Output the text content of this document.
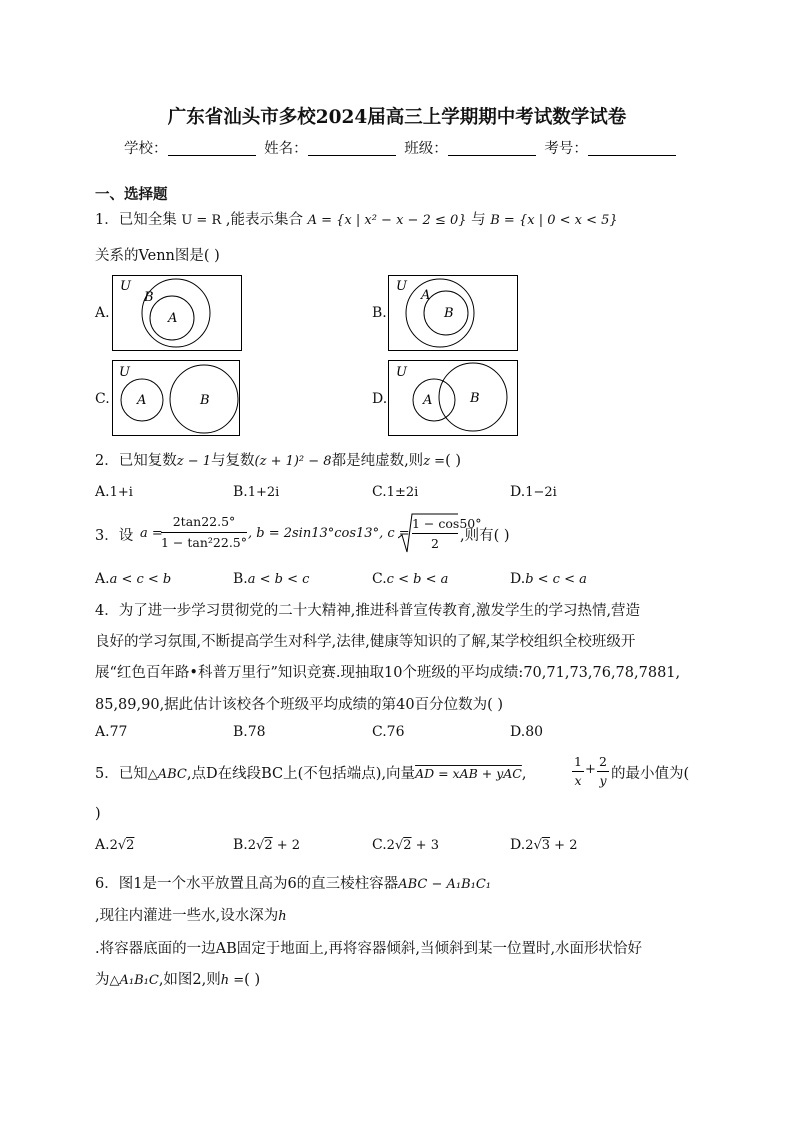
广东省汕头市多校2024届高三上学期期中考试数学试卷
学校：	姓名：	班级：	考号：
一、选择题
1．已知全集 U = R ,能表示集合 A = {x | x² − x − 2 ≤ 0} 与 B = {x | 0 < x < 5}
关系的Venn图是( )
A.
U
B
A	B.
U
A
B
C.
U
A	B	D.
U
A	B
2．已知复数z − 1与复数(z + 1)² − 8都是纯虚数,则z =( )
A.1+i	B.1+2i	C.1±2i	D.1−2i
3．设 a =
2tan22.5°
1 − tan²22.5°
, b = 2sin13°cos13°, c =
1 − cos50°
2	,则有( )
A.a < c < b	B.a < b < c	C.c < b < a	D.b < c < a
4．为了进一步学习贯彻党的二十大精神,推进科普宣传教育,激发学生的学习热情,营造
良好的学习氛围,不断提高学生对科学,法律,健康等知识的了解,某学校组织全校班级开
展“红色百年路•科普万里行”知识竞赛.现抽取10个班级的平均成绩:70,71,73,76,78,7881,
85,89,90,据此估计该校各个班级平均成绩的第40百分位数为( )
A.77	B.78	C.76	D.80
5．已知△ABC,点D在线段BC上(不包括端点),向量AD = xAB + yAC,
1
x
+
2
y 的最小值为(
)
A.2√2	B.2√2 + 2	C.2√2 + 3	D.2√3 + 2
6．图1是一个水平放置且高为6的直三棱柱容器ABC − A₁B₁C₁
,现往内灌进一些水,设水深为h
.将容器底面的一边AB固定于地面上,再将容器倾斜,当倾斜到某一位置时,水面形状恰好
为△A₁B₁C,如图2,则h =( )
